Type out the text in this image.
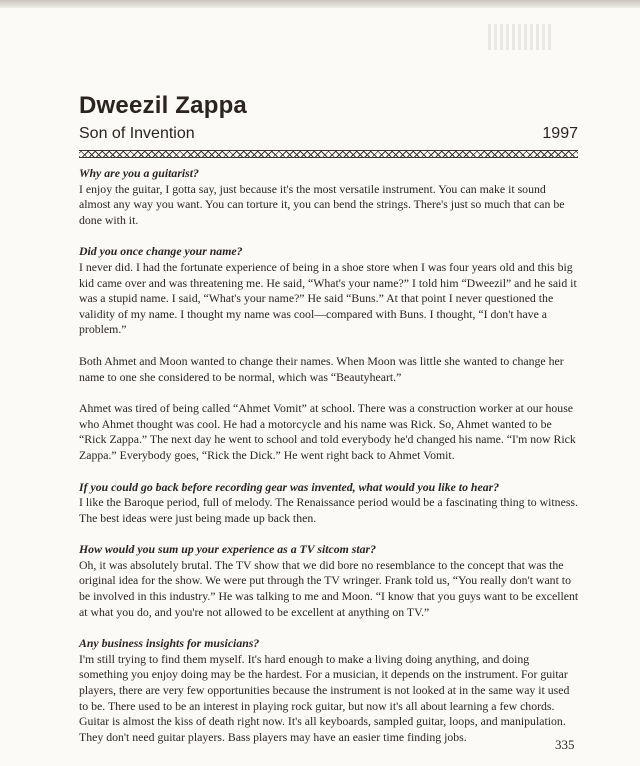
Dweezil Zappa
Son of Invention	1997

Why are you a guitarist?

I enjoy the guitar, I gotta say, just because it's the most versatile instrument. You can make it sound almost any way you want. You can torture it, you can bend the strings. There's just so much that can be done with it.

Did you once change your name?

I never did. I had the fortunate experience of being in a shoe store when I was four years old and this big kid came over and was threatening me. He said, “What's your name?” I told him “Dweezil” and he said it was a stupid name. I said, “What's your name?” He said “Buns.” At that point I never questioned the validity of my name. I thought my name was cool—compared with Buns. I thought, “I don't have a problem.”

Both Ahmet and Moon wanted to change their names. When Moon was little she wanted to change her name to one she considered to be normal, which was “Beautyheart.”

Ahmet was tired of being called “Ahmet Vomit” at school. There was a construction worker at our house who Ahmet thought was cool. He had a motorcycle and his name was Rick. So, Ahmet wanted to be “Rick Zappa.” The next day he went to school and told everybody he'd changed his name. “I'm now Rick Zappa.” Everybody goes, “Rick the Dick.” He went right back to Ahmet Vomit.

If you could go back before recording gear was invented, what would you like to hear?

I like the Baroque period, full of melody. The Renaissance period would be a fascinating thing to witness. The best ideas were just being made up back then.

How would you sum up your experience as a TV sitcom star?

Oh, it was absolutely brutal. The TV show that we did bore no resemblance to the concept that was the original idea for the show. We were put through the TV wringer. Frank told us, “You really don't want to be involved in this industry.” He was talking to me and Moon. “I know that you guys want to be excellent at what you do, and you're not allowed to be excellent at anything on TV.”

Any business insights for musicians?

I'm still trying to find them myself. It's hard enough to make a living doing anything, and doing something you enjoy doing may be the hardest. For a musician, it depends on the instrument. For guitar players, there are very few opportunities because the instrument is not looked at in the same way it used to be. There used to be an interest in playing rock guitar, but now it's all about learning a few chords. Guitar is almost the kiss of death right now. It's all keyboards, sampled guitar, loops, and manipulation. They don't need guitar players. Bass players may have an easier time finding jobs.

335
